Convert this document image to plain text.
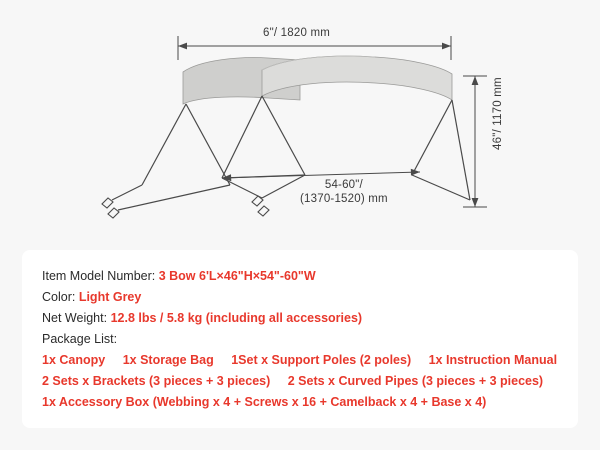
6"/ 1820 mm
46"/ 1170 mm
54-60"/
(1370-1520) mm
Item Model Number: 3 Bow 6'L×46"H×54"-60"W
Color: Light Grey
Net Weight: 12.8 lbs / 5.8 kg (including all accessories)
Package List:
1x Canopy 1x Storage Bag 1Set x Support Poles (2 poles) 1x Instruction Manual
2 Sets x Brackets (3 pieces + 3 pieces) 2 Sets x Curved Pipes (3 pieces + 3 pieces)
1x Accessory Box (Webbing x 4 + Screws x 16 + Camelback x 4 + Base x 4)
